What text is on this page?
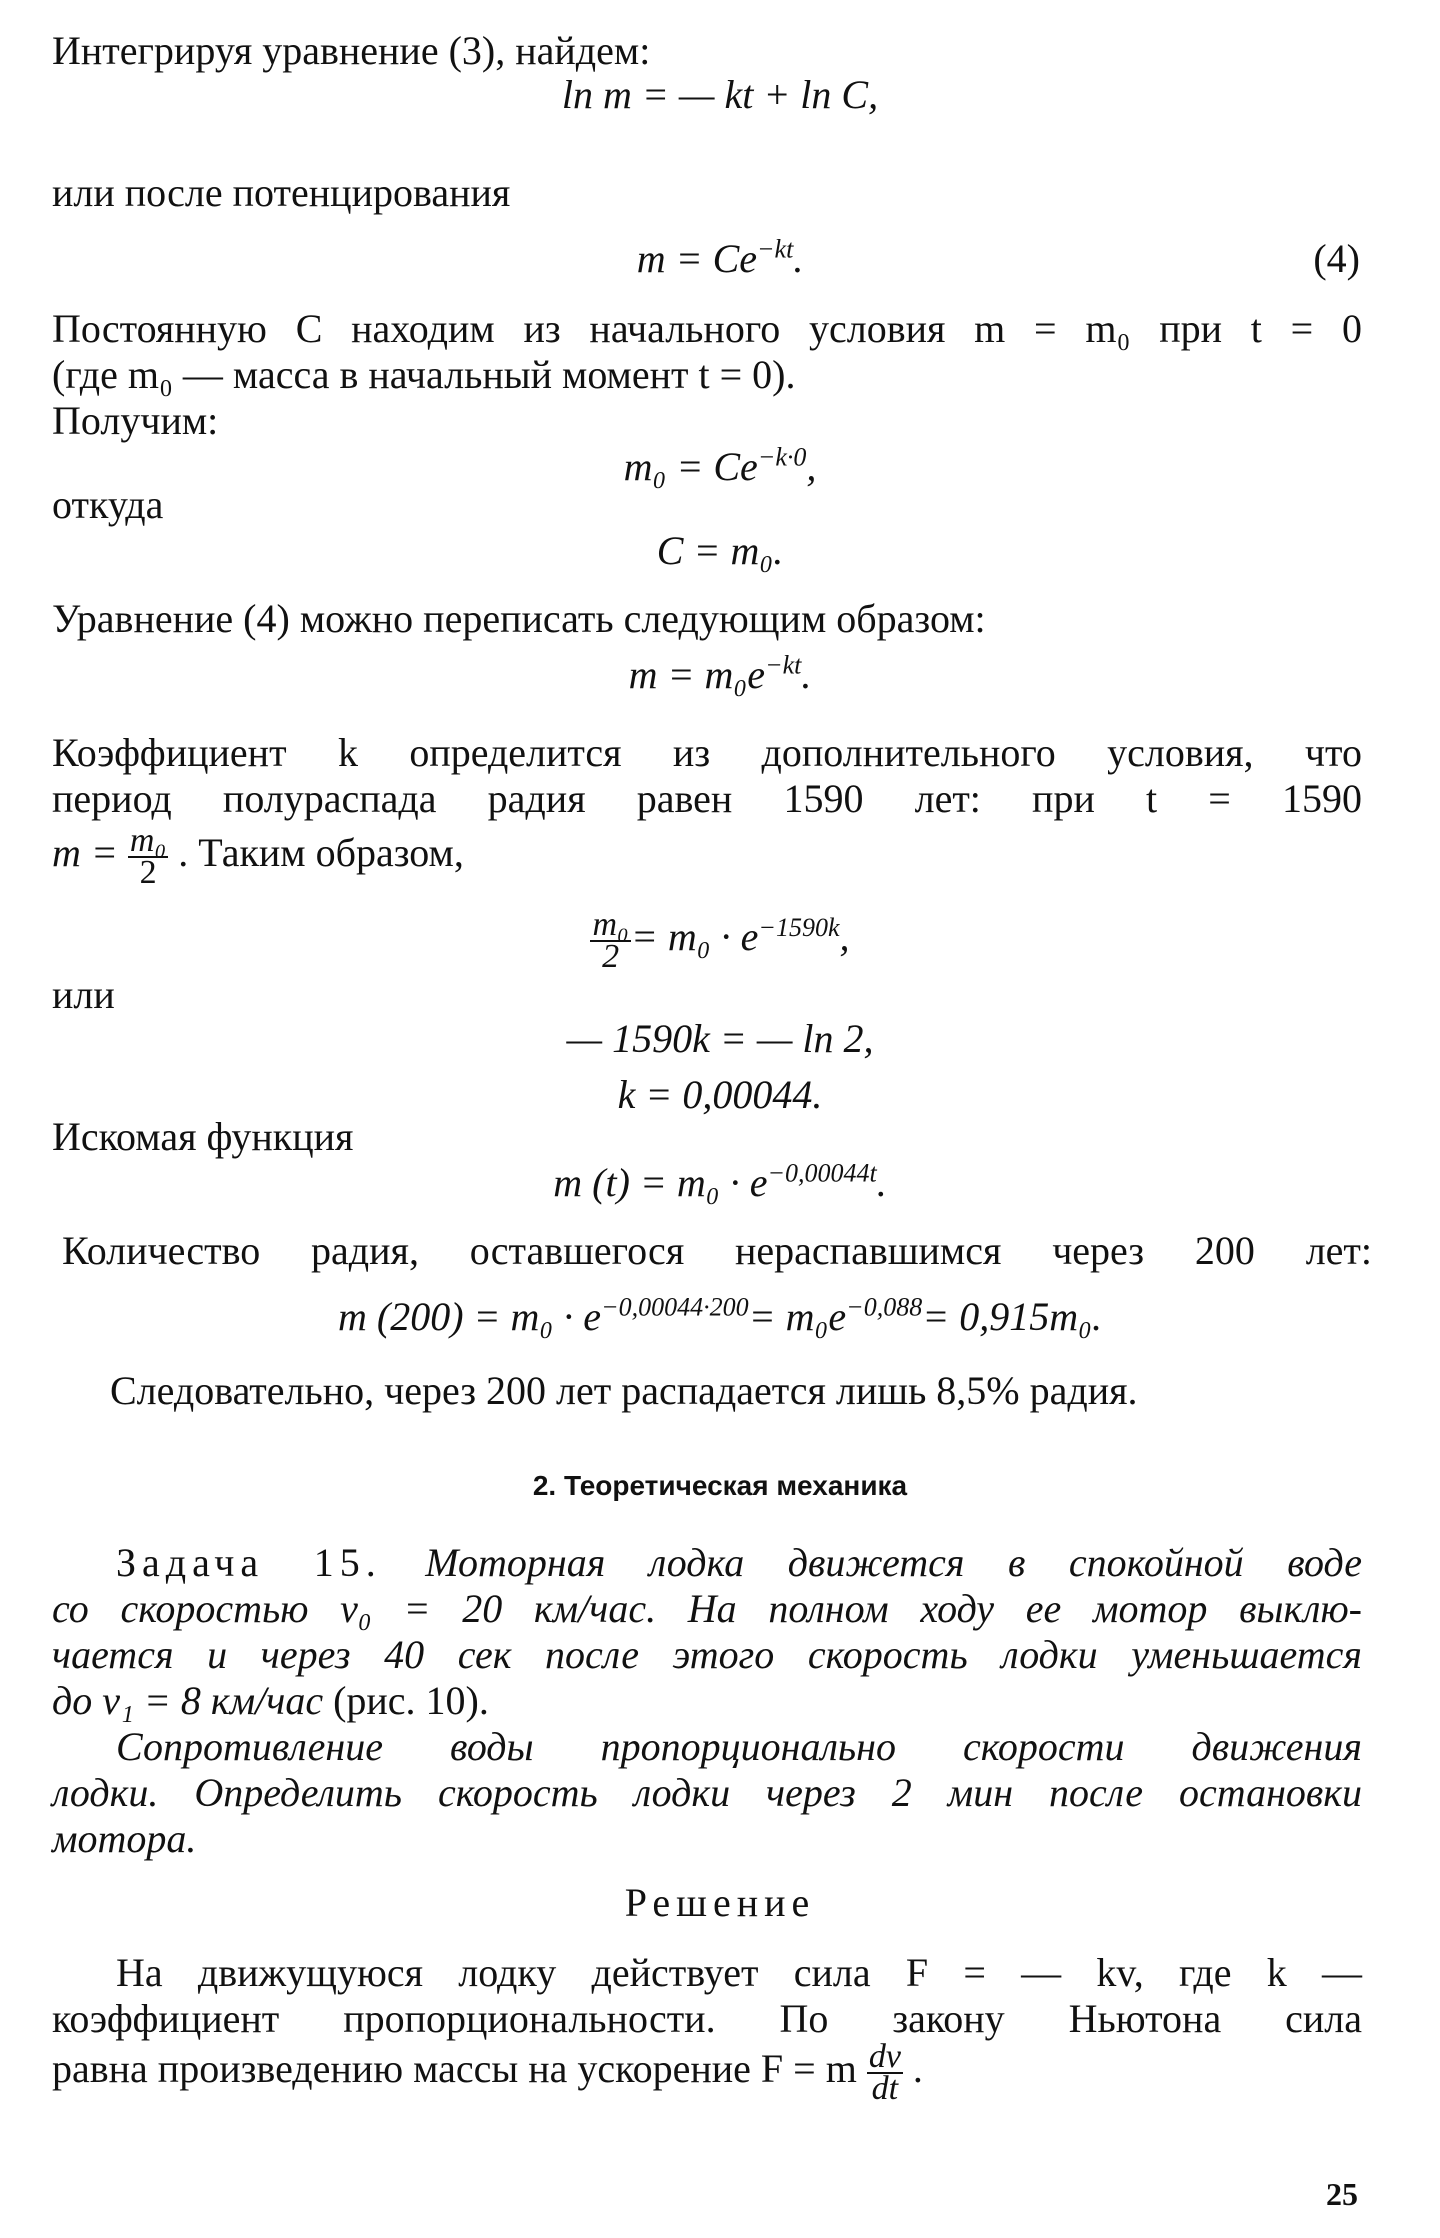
Интегрируя уравнение (3), найдем:
ln m = — kt + ln C,
или после потенцирования
$m = Ce^{-kt}$.	(4)
Постоянную C находим из начального условия m = m₀ при t = 0
(где m₀ — масса в начальный момент t = 0).
Получим:
$m_0 = Ce^{-k\cdot 0}$,
откуда
C = m₀.
Уравнение (4) можно переписать следующим образом:
$m = m_0e^{-kt}$.
Коэффициент k определится из дополнительного условия, что
период полураспада радия равен 1590 лет: при t = 1590
$m = \frac{\text{m₀}}{2}$ . Таким образом,
$\frac{\text{m₀}}{2} = m_0 \cdot e^{-1590k}$,
или
— 1590k = — ln 2,
k = 0,00044.
Искомая функция
m $(t) = m_0 \cdot e^{-0,00044t}$.
Количество радия, оставшегося нераспавшимся через 200 лет:
m $(200) = m_0 \cdot e^{-0,00044\cdot 200}= m_0e^{-0,088}= 0,915m_0$.
Следовательно, через 200 лет распадается лишь 8,5% радия.
2. Теоретическая механика
Задача 15. Моторная лодка движется в спокойной воде
со скоростью v₀ = 20 км/час. На полном ходу ее мотор выклю-
чается и через 40 сек после этого скорость лодки уменьшается
до v₁ = 8 км/час (рис. 10).
Сопротивление воды пропорционально скорости движения
лодки. Определить скорость лодки через 2 мин после остановки
мотора.
Решение
На движущуюся лодку действует сила F = — kv, где k —
коэффициент пропорциональности. По закону Ньютона сила
равна произведению массы на ускорение F = m $\frac{dv}{dt}$ .
25
